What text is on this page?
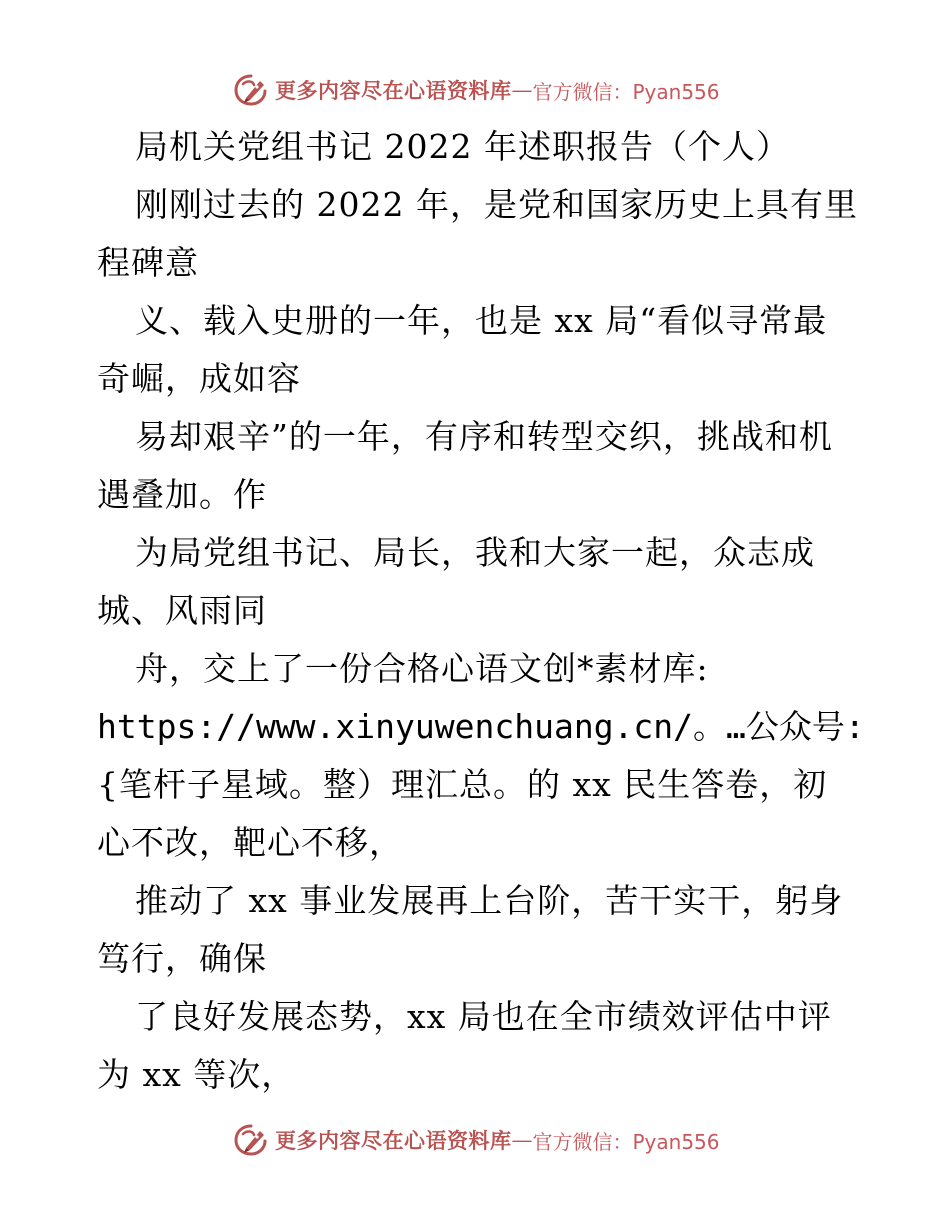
更多内容尽在心语资料库 — 官方微信：Pyan556
局机关党组书记 2022 年述职报告（个人）
刚刚过去的 2022 年，是党和国家历史上具有里
程碑意
义、载入史册的一年，也是 xx 局“看似寻常最
奇崛，成如容
易却艰辛”的一年，有序和转型交织，挑战和机
遇叠加。作
为局党组书记、局长，我和大家一起，众志成
城、风雨同
舟，交上了一份合格心语文创*素材库:
https://www.xinyuwenchuang.cn/。…公众号:
{笔杆子星域。整）理汇总。的 xx 民生答卷，初
心不改，靶心不移，
推动了 xx 事业发展再上台阶，苦干实干，躬身
笃行，确保
了良好发展态势，xx 局也在全市绩效评估中评
为 xx 等次，
更多内容尽在心语资料库 — 官方微信：Pyan556
